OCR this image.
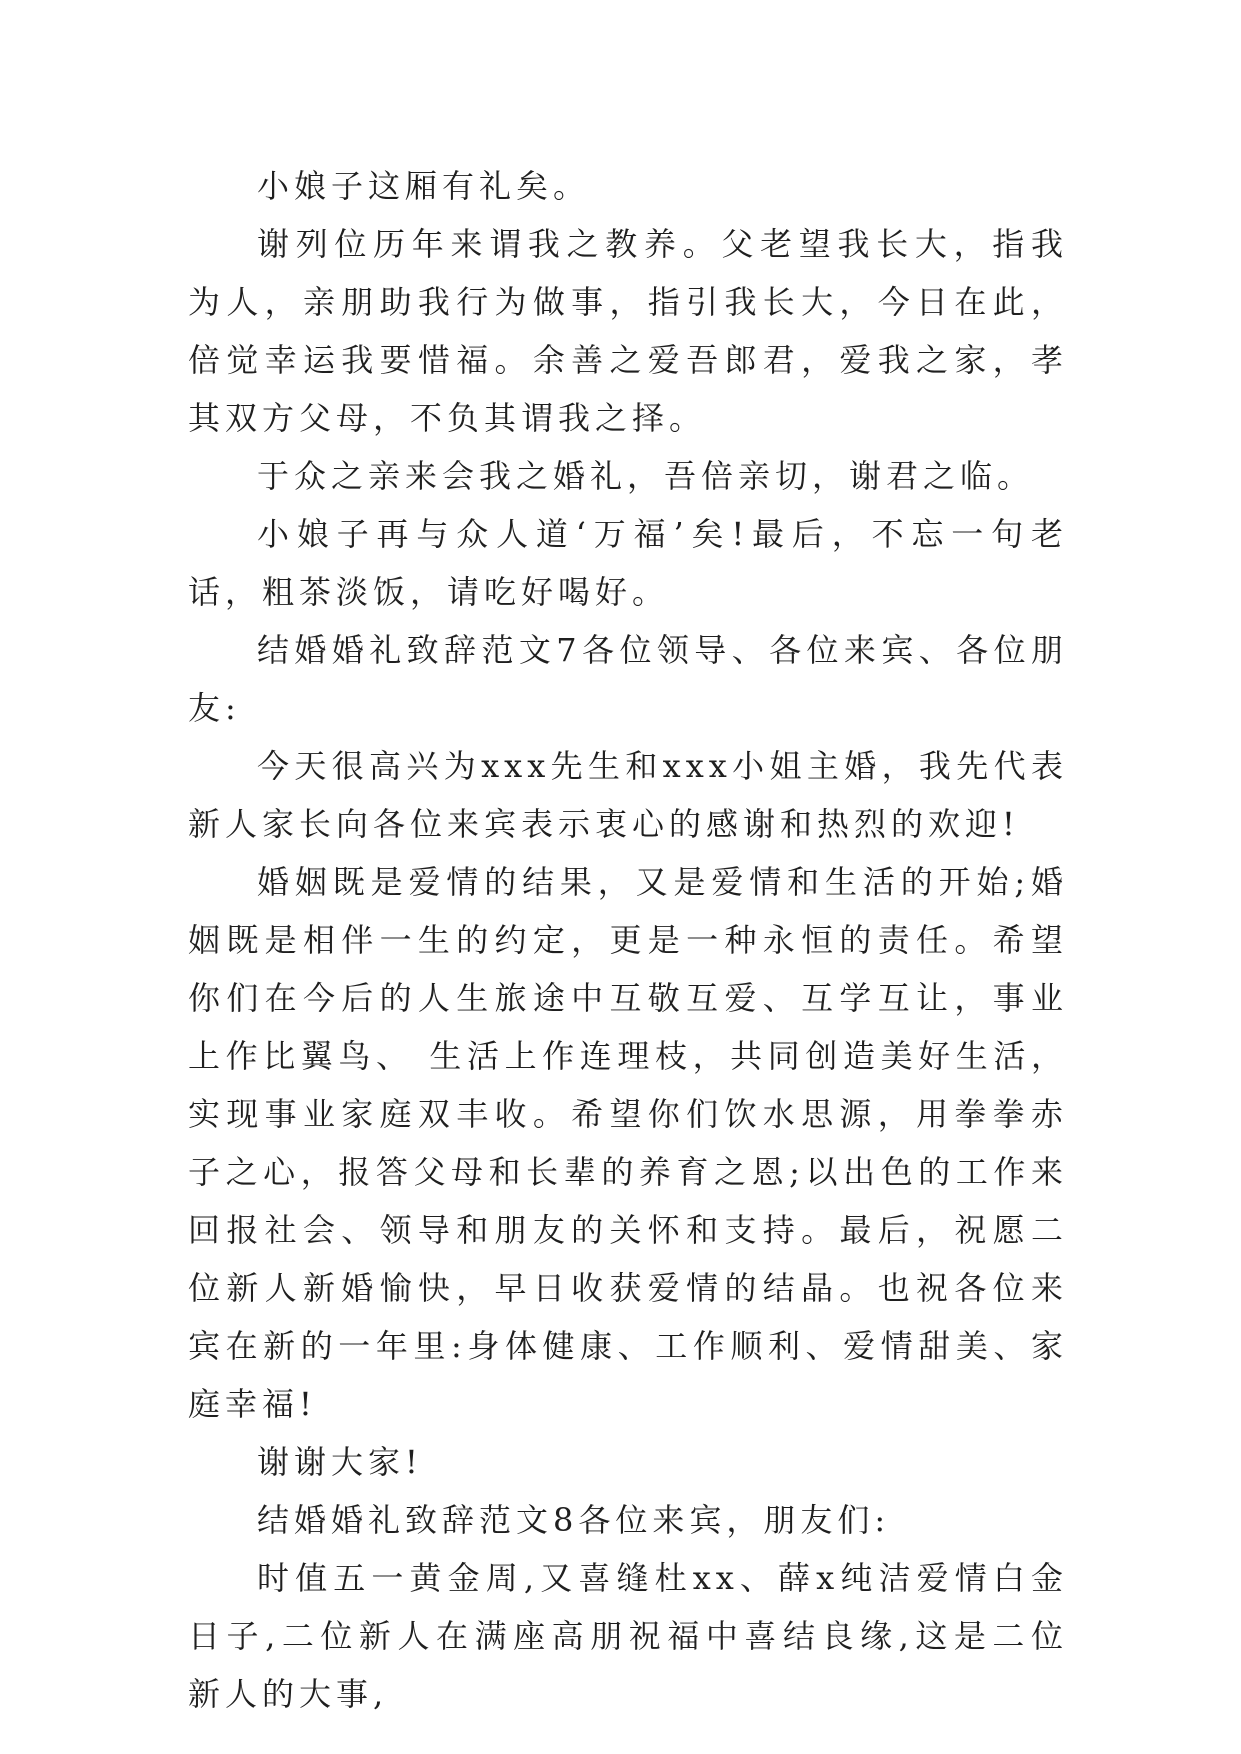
小娘子这厢有礼矣。

谢列位历年来谓我之教养。父老望我长大，指我为人，亲朋助我行为做事，指引我长大，今日在此，倍觉幸运我要惜福。余善之爱吾郎君，爱我之家，孝其双方父母，不负其谓我之择。

于众之亲来会我之婚礼，吾倍亲切，谢君之临。

小娘子再与众人道‘万福’矣!最后，不忘一句老话，粗茶淡饭，请吃好喝好。

结婚婚礼致辞范文7各位领导、各位来宾、各位朋友:

今天很高兴为xxx先生和xxx小姐主婚，我先代表新人家长向各位来宾表示衷心的感谢和热烈的欢迎!

婚姻既是爱情的结果，又是爱情和生活的开始;婚姻既是相伴一生的约定，更是一种永恒的责任。希望你们在今后的人生旅途中互敬互爱、互学互让，事业上作比翼鸟、 生活上作连理枝，共同创造美好生活，实现事业家庭双丰收。希望你们饮水思源，用拳拳赤子之心，报答父母和长辈的养育之恩;以出色的工作来回报社会、领导和朋友的关怀和支持。最后，祝愿二位新人新婚愉快，早日收获爱情的结晶。也祝各位来宾在新的一年里:身体健康、工作顺利、爱情甜美、家庭幸福!

谢谢大家!

结婚婚礼致辞范文8各位来宾，朋友们:

时值五一黄金周,又喜缝杜xx、薛x纯洁爱情白金日子,二位新人在满座高朋祝福中喜结良缘,这是二位新人的大事,
